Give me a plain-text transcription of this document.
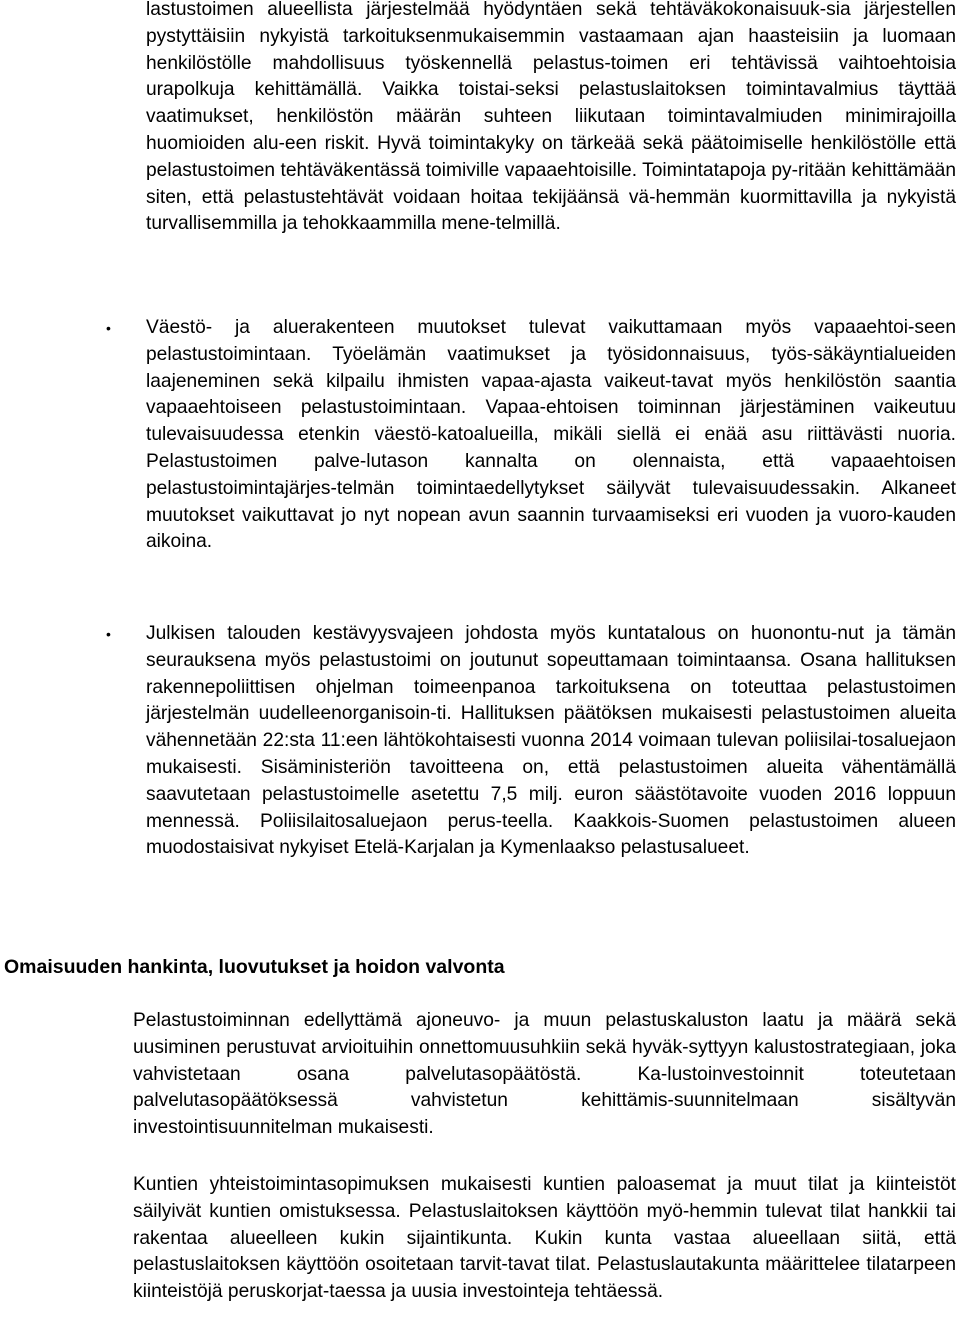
lastustoimen alueellista järjestelmää hyödyntäen sekä tehtäväkokonaisuuk-sia järjestellen pystyttäisiin nykyistä tarkoituksenmukaisemmin vastaamaan ajan haasteisiin ja luomaan henkilöstölle mahdollisuus työskennellä pelastus-toimen eri tehtävissä vaihtoehtoisia urapolkuja kehittämällä. Vaikka toistai-seksi pelastuslaitoksen toimintavalmius täyttää vaatimukset, henkilöstön määrän suhteen liikutaan toimintavalmiuden minimirajoilla huomioiden alu-een riskit. Hyvä toimintakyky on tärkeää sekä päätoimiselle henkilöstölle että pelastustoimen tehtäväkentässä toimiville vapaaehtoisille. Toimintatapoja py-ritään kehittämään siten, että pelastustehtävät voidaan hoitaa tekijäänsä vä-hemmän kuormittavilla ja nykyistä turvallisemmilla ja tehokkaammilla mene-telmillä.

• Väestö- ja aluerakenteen muutokset tulevat vaikuttamaan myös vapaaehtoi-seen pelastustoimintaan. Työelämän vaatimukset ja työsidonnaisuus, työs-säkäyntialueiden laajeneminen sekä kilpailu ihmisten vapaa-ajasta vaikeut-tavat myös henkilöstön saantia vapaaehtoiseen pelastustoimintaan. Vapaa-ehtoisen toiminnan järjestäminen vaikeutuu tulevaisuudessa etenkin väestö-katoalueilla, mikäli siellä ei enää asu riittävästi nuoria. Pelastustoimen palve-lutason kannalta on olennaista, että vapaaehtoisen pelastustoimintajärjes-telmän toimintaedellytykset säilyvät tulevaisuudessakin. Alkaneet muutokset vaikuttavat jo nyt nopean avun saannin turvaamiseksi eri vuoden ja vuoro-kauden aikoina.

• Julkisen talouden kestävyysvajeen johdosta myös kuntatalous on huonontu-nut ja tämän seurauksena myös pelastustoimi on joutunut sopeuttamaan toimintaansa. Osana hallituksen rakennepoliittisen ohjelman toimeenpanoa tarkoituksena on toteuttaa pelastustoimen järjestelmän uudelleenorganisoin-ti. Hallituksen päätöksen mukaisesti pelastustoimen alueita vähennetään 22:sta 11:een lähtökohtaisesti vuonna 2014 voimaan tulevan poliisilai-tosaluejaon mukaisesti. Sisäministeriön tavoitteena on, että pelastustoimen alueita vähentämällä saavutetaan pelastustoimelle asetettu 7,5 milj. euron säästötavoite vuoden 2016 loppuun mennessä. Poliisilaitosaluejaon perus-teella. Kaakkois-Suomen pelastustoimen alueen muodostaisivat nykyiset Etelä-Karjalan ja Kymenlaakso pelastusalueet.

Omaisuuden hankinta, luovutukset ja hoidon valvonta

Pelastustoiminnan edellyttämä ajoneuvo- ja muun pelastuskaluston laatu ja määrä sekä uusiminen perustuvat arvioituihin onnettomuusuhkiin sekä hyväk-syttyyn kalustostrategiaan, joka vahvistetaan osana palvelutasopäätöstä. Ka-lustoinvestoinnit toteutetaan palvelutasopäätöksessä vahvistetun kehittämis-suunnitelmaan sisältyvän investointisuunnitelman mukaisesti.

Kuntien yhteistoimintasopimuksen mukaisesti kuntien paloasemat ja muut tilat ja kiinteistöt säilyivät kuntien omistuksessa. Pelastuslaitoksen käyttöön myö-hemmin tulevat tilat hankkii tai rakentaa alueelleen kukin sijaintikunta. Kukin kunta vastaa alueellaan siitä, että pelastuslaitoksen käyttöön osoitetaan tarvit-tavat tilat. Pelastuslautakunta määrittelee tilatarpeen kiinteistöjä peruskorjat-taessa ja uusia investointeja tehtäessä.
